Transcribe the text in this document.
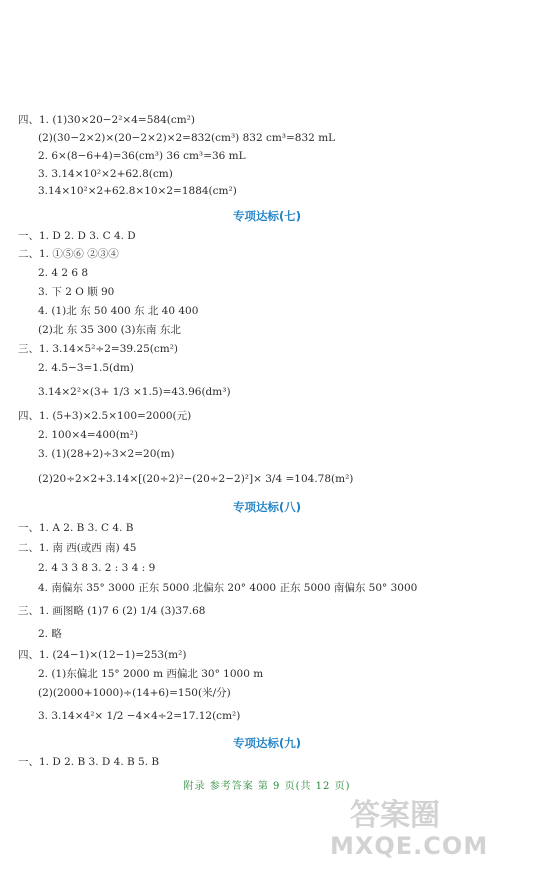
四、1. (1)30×20−2²×4=584(cm²)
(2)(30−2×2)×(20−2×2)×2=832(cm³) 832 cm³=832 mL
2. 6×(8−6+4)=36(cm³) 36 cm³=36 mL
3. 3.14×10²×2+62.8(cm)
3.14×10²×2+62.8×10×2=1884(cm²)
专项达标(七)
一、1. D 2. D 3. C 4. D
二、1. ①⑤⑥ ②③④
2. 4 2 6 8
3. 下 2 O 顺 90
4. (1)北 东 50 400 东 北 40 400
(2)北 东 35 300 (3)东南 东北
三、1. 3.14×5²÷2=39.25(cm²)
2. 4.5−3=1.5(dm)
3.14×2²×(3+ 1/3 ×1.5)=43.96(dm³)
四、1. (5+3)×2.5×100=2000(元)
2. 100×4=400(m²)
3. (1)(28+2)÷3×2=20(m)
(2)20÷2×2+3.14×[(20÷2)²−(20÷2−2)²]× 3/4 =104.78(m²)
专项达标(八)
一、1. A 2. B 3. C 4. B
二、1. 南 西(或西 南) 45
2. 4 3 3 8 3. 2 : 3 4 : 9
4. 南偏东 35° 3000 正东 5000 北偏东 20° 4000 正东 5000 南偏东 50° 3000
三、1. 画图略 (1)7 6 (2) 1/4 (3)37.68
2. 略
四、1. (24−1)×(12−1)=253(m²)
2. (1)东偏北 15° 2000 m 西偏北 30° 1000 m
(2)(2000+1000)÷(14+6)=150(米/分)
3. 3.14×4²× 1/2 −4×4÷2=17.12(cm²)
专项达标(九)
一、1. D 2. B 3. D 4. B 5. B
附录 参考答案 第 9 页(共 12 页)
答案圈
MXQE.COM
